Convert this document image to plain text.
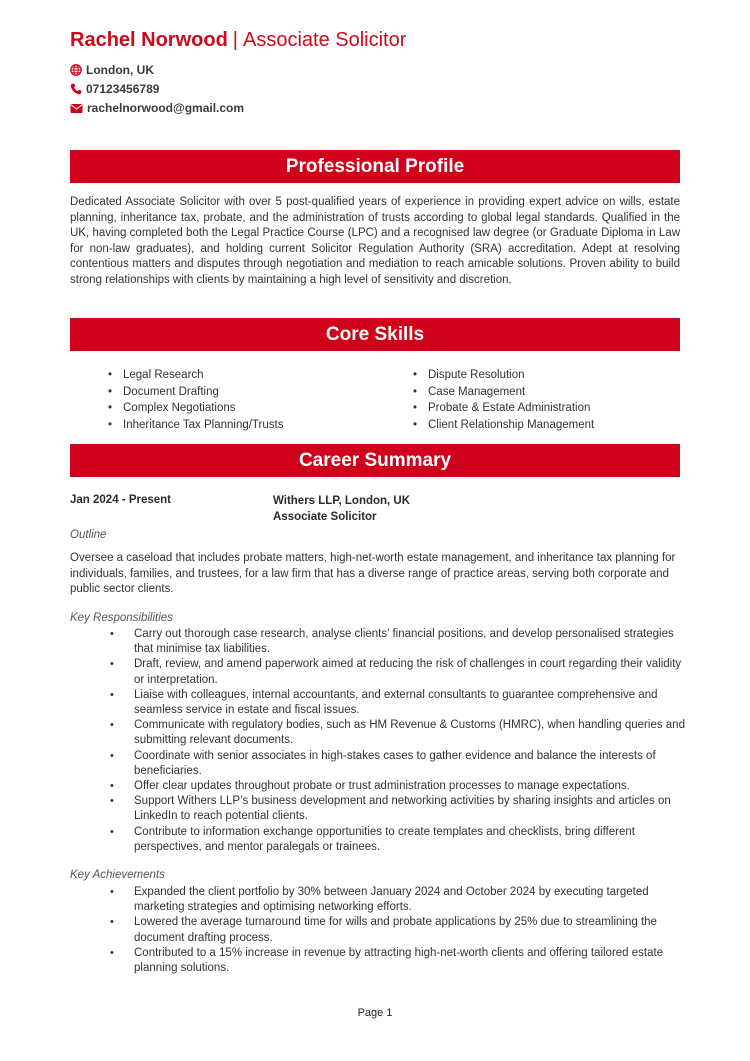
Rachel Norwood | Associate Solicitor
London, UK
07123456789
rachelnorwood@gmail.com
Professional Profile

Dedicated Associate Solicitor with over 5 post-qualified years of experience in providing expert advice on wills, estate planning, inheritance tax, probate, and the administration of trusts according to global legal standards. Qualified in the UK, having completed both the Legal Practice Course (LPC) and a recognised law degree (or Graduate Diploma in Law for non-law graduates), and holding current Solicitor Regulation Authority (SRA) accreditation. Adept at resolving contentious matters and disputes through negotiation and mediation to reach amicable solutions. Proven ability to build strong relationships with clients by maintaining a high level of sensitivity and discretion.

Core Skills
• Legal Research	• Dispute Resolution
• Document Drafting	• Case Management
• Complex Negotiations	• Probate & Estate Administration
• Inheritance Tax Planning/Trusts	• Client Relationship Management
Career Summary
Jan 2024 - Present	Withers LLP, London, UK
Associate Solicitor
Outline

Oversee a caseload that includes probate matters, high-net-worth estate management, and inheritance tax planning for individuals, families, and trustees, for a law firm that has a diverse range of practice areas, serving both corporate and public sector clients.

Key Responsibilities
• Carry out thorough case research, analyse clients’ financial positions, and develop personalised strategies that minimise tax liabilities.
• Draft, review, and amend paperwork aimed at reducing the risk of challenges in court regarding their validity or interpretation.
• Liaise with colleagues, internal accountants, and external consultants to guarantee comprehensive and seamless service in estate and fiscal issues.
• Communicate with regulatory bodies, such as HM Revenue & Customs (HMRC), when handling queries and submitting relevant documents.
• Coordinate with senior associates in high-stakes cases to gather evidence and balance the interests of beneficiaries.
• Offer clear updates throughout probate or trust administration processes to manage expectations.
• Support Withers LLP’s business development and networking activities by sharing insights and articles on LinkedIn to reach potential clients.
• Contribute to information exchange opportunities to create templates and checklists, bring different perspectives, and mentor paralegals or trainees.
Key Achievements
• Expanded the client portfolio by 30% between January 2024 and October 2024 by executing targeted marketing strategies and optimising networking efforts.
• Lowered the average turnaround time for wills and probate applications by 25% due to streamlining the document drafting process.
• Contributed to a 15% increase in revenue by attracting high-net-worth clients and offering tailored estate planning solutions.
Page 1
